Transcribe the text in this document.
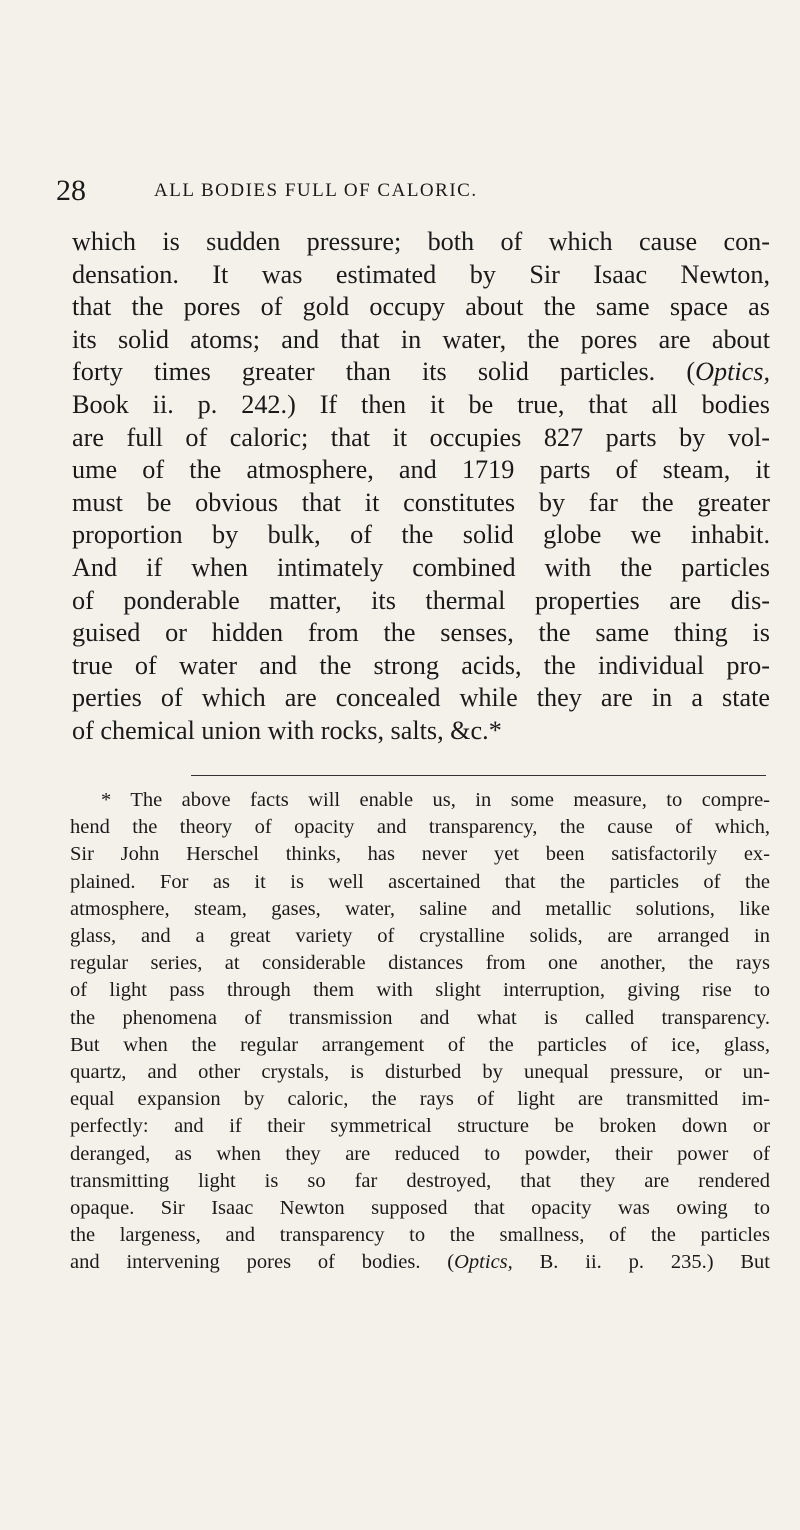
28	ALL BODIES FULL OF CALORIC.
which is sudden pressure; both of which cause con-
densation. It was estimated by Sir Isaac Newton,
that the pores of gold occupy about the same space as
its solid atoms; and that in water, the pores are about
forty times greater than its solid particles. (Optics,
Book ii. p. 242.) If then it be true, that all bodies
are full of caloric; that it occupies 827 parts by vol-
ume of the atmosphere, and 1719 parts of steam, it
must be obvious that it constitutes by far the greater
proportion by bulk, of the solid globe we inhabit.
And if when intimately combined with the particles
of ponderable matter, its thermal properties are dis-
guised or hidden from the senses, the same thing is
true of water and the strong acids, the individual pro-
perties of which are concealed while they are in a state
of chemical union with rocks, salts, &c.*
* The above facts will enable us, in some measure, to compre-
hend the theory of opacity and transparency, the cause of which,
Sir John Herschel thinks, has never yet been satisfactorily ex-
plained. For as it is well ascertained that the particles of the
atmosphere, steam, gases, water, saline and metallic solutions, like
glass, and a great variety of crystalline solids, are arranged in
regular series, at considerable distances from one another, the rays
of light pass through them with slight interruption, giving rise to
the phenomena of transmission and what is called transparency.
But when the regular arrangement of the particles of ice, glass,
quartz, and other crystals, is disturbed by unequal pressure, or un-
equal expansion by caloric, the rays of light are transmitted im-
perfectly: and if their symmetrical structure be broken down or
deranged, as when they are reduced to powder, their power of
transmitting light is so far destroyed, that they are rendered
opaque. Sir Isaac Newton supposed that opacity was owing to
the largeness, and transparency to the smallness, of the particles
and intervening pores of bodies. (Optics, B. ii. p. 235.) But
